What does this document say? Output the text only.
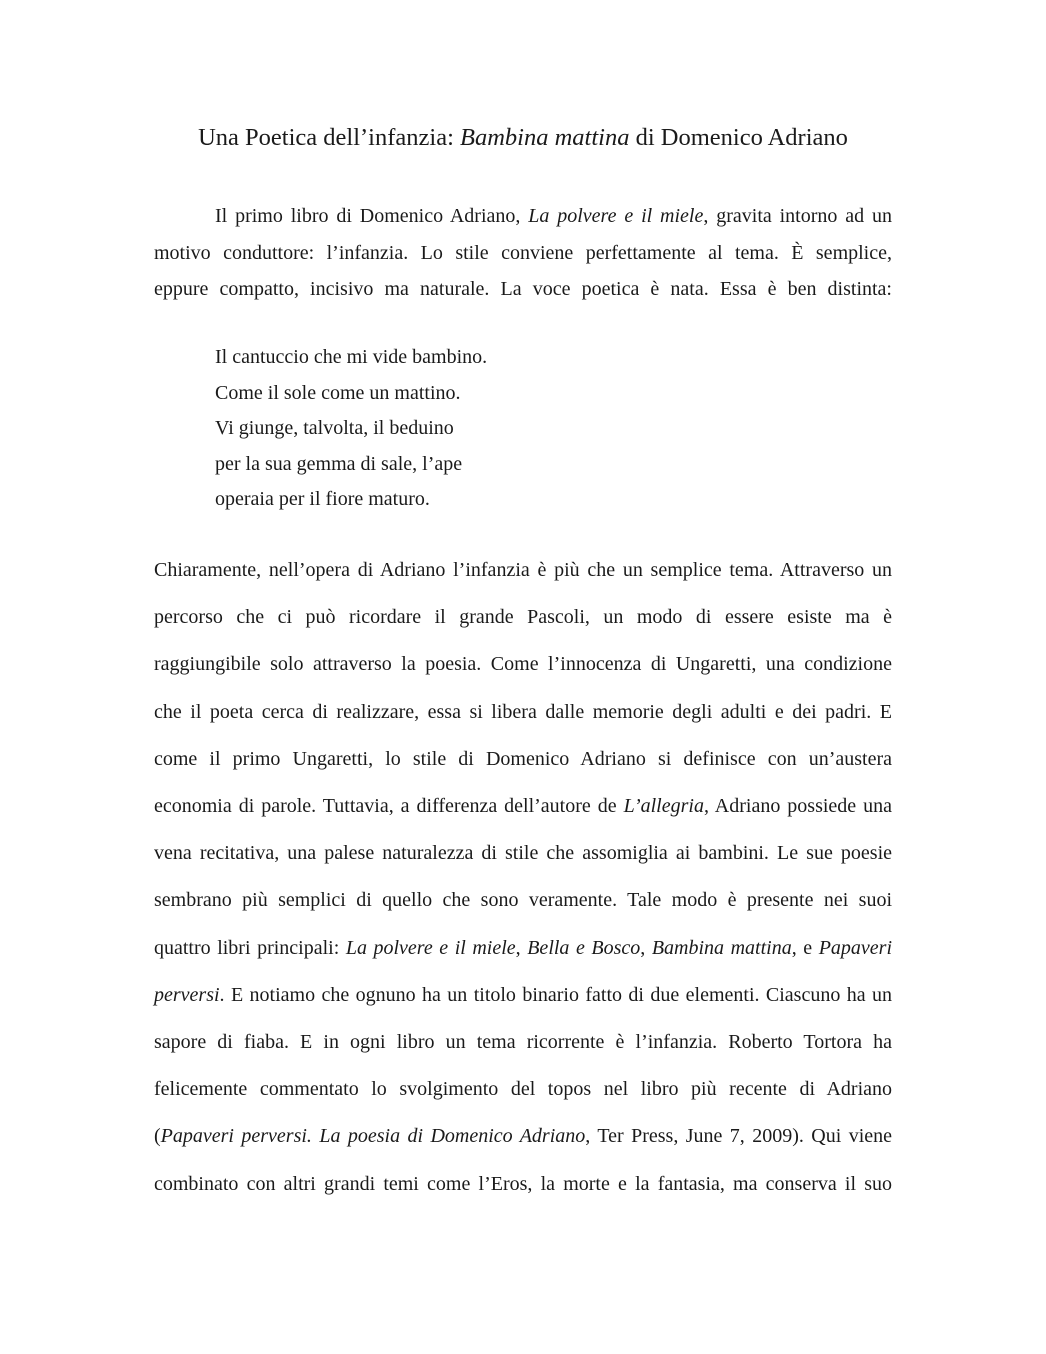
Una Poetica dell’infanzia: Bambina mattina di Domenico Adriano
Il primo libro di Domenico Adriano, La polvere e il miele, gravita intorno ad un
motivo conduttore: l’infanzia. Lo stile conviene perfettamente al tema. È semplice,
eppure compatto, incisivo ma naturale. La voce poetica è nata. Essa è ben distinta:
Il cantuccio che mi vide bambino.
Come il sole come un mattino.
Vi giunge, talvolta, il beduino
per la sua gemma di sale, l’ape
operaia per il fiore maturo.
Chiaramente, nell’opera di Adriano l’infanzia è più che un semplice tema. Attraverso un
percorso che ci può ricordare il grande Pascoli, un modo di essere esiste ma è
raggiungibile solo attraverso la poesia. Come l’innocenza di Ungaretti, una condizione
che il poeta cerca di realizzare, essa si libera dalle memorie degli adulti e dei padri. E
come il primo Ungaretti, lo stile di Domenico Adriano si definisce con un’austera
economia di parole. Tuttavia, a differenza dell’autore de L’allegria, Adriano possiede una
vena recitativa, una palese naturalezza di stile che assomiglia ai bambini. Le sue poesie
sembrano più semplici di quello che sono veramente. Tale modo è presente nei suoi
quattro libri principali: La polvere e il miele, Bella e Bosco, Bambina mattina, e Papaveri
perversi. E notiamo che ognuno ha un titolo binario fatto di due elementi. Ciascuno ha un
sapore di fiaba. E in ogni libro un tema ricorrente è l’infanzia. Roberto Tortora ha
felicemente commentato lo svolgimento del topos nel libro più recente di Adriano
(Papaveri perversi. La poesia di Domenico Adriano, Ter Press, June 7, 2009). Qui viene
combinato con altri grandi temi come l’Eros, la morte e la fantasia, ma conserva il suo
